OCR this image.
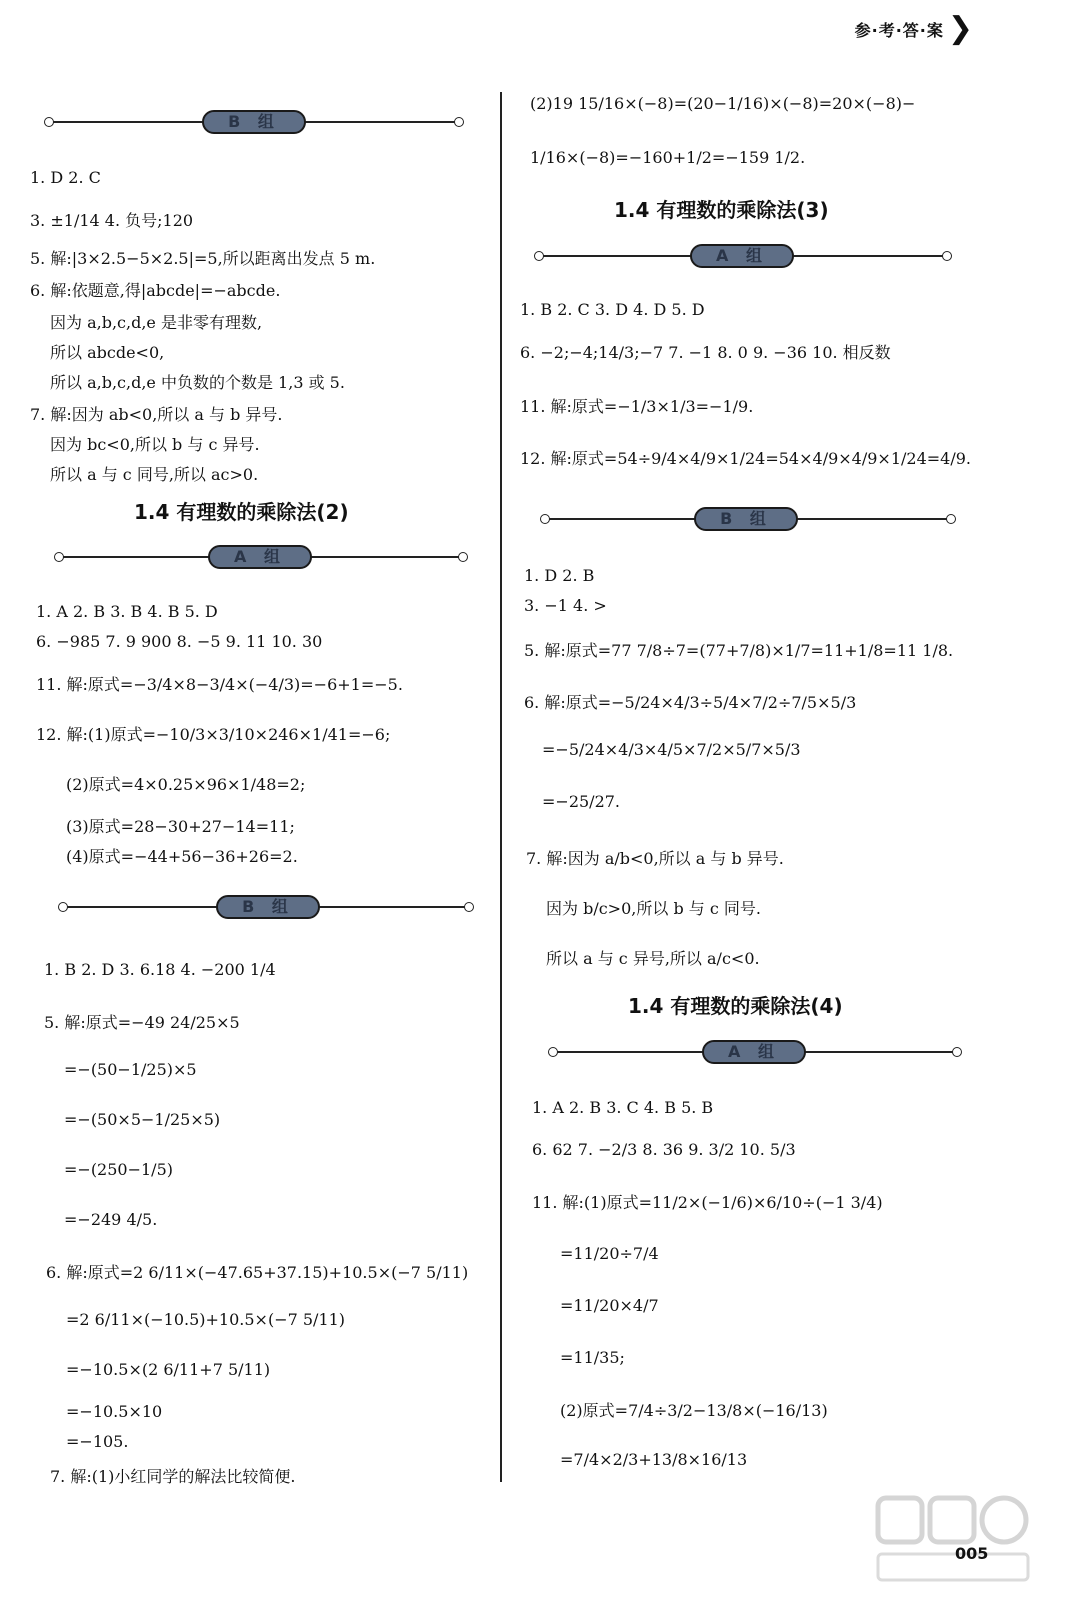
参·考·答·案 ❯
B 组
1. D 2. C
3. ±1/14 4. 负号;120
5. 解:|3×2.5−5×2.5|=5,所以距离出发点 5 m.
6. 解:依题意,得|abcde|=−abcde.
因为 a,b,c,d,e 是非零有理数,
所以 abcde<0,
所以 a,b,c,d,e 中负数的个数是 1,3 或 5.
7. 解:因为 ab<0,所以 a 与 b 异号.
因为 bc<0,所以 b 与 c 异号.
所以 a 与 c 同号,所以 ac>0.
1.4 有理数的乘除法(2)
A 组
1. A 2. B 3. B 4. B 5. D
6. −985 7. 9 900 8. −5 9. 11 10. 30
11. 解:原式=−3/4×8−3/4×(−4/3)=−6+1=−5.
12. 解:(1)原式=−10/3×3/10×246×1/41=−6;
(2)原式=4×0.25×96×1/48=2;
(3)原式=28−30+27−14=11;
(4)原式=−44+56−36+26=2.
B 组
1. B 2. D 3. 6.18 4. −200 1/4
5. 解:原式=−49 24/25×5
=−(50−1/25)×5
=−(50×5−1/25×5)
=−(250−1/5)
=−249 4/5.
6. 解:原式=2 6/11×(−47.65+37.15)+10.5×(−7 5/11)
=2 6/11×(−10.5)+10.5×(−7 5/11)
=−10.5×(2 6/11+7 5/11)
=−10.5×10
=−105.
7. 解:(1)小红同学的解法比较简便.
(2)19 15/16×(−8)=(20−1/16)×(−8)=20×(−8)−
1/16×(−8)=−160+1/2=−159 1/2.
1.4 有理数的乘除法(3)
A 组
1. B 2. C 3. D 4. D 5. D
6. −2;−4;14/3;−7 7. −1 8. 0 9. −36 10. 相反数
11. 解:原式=−1/3×1/3=−1/9.
12. 解:原式=54÷9/4×4/9×1/24=54×4/9×4/9×1/24=4/9.
B 组
1. D 2. B
3. −1 4. >
5. 解:原式=77 7/8÷7=(77+7/8)×1/7=11+1/8=11 1/8.
6. 解:原式=−5/24×4/3÷5/4×7/2÷7/5×5/3
=−5/24×4/3×4/5×7/2×5/7×5/3
=−25/27.
7. 解:因为 a/b<0,所以 a 与 b 异号.
因为 b/c>0,所以 b 与 c 同号.
所以 a 与 c 异号,所以 a/c<0.
1.4 有理数的乘除法(4)
A 组
1. A 2. B 3. C 4. B 5. B
6. 62 7. −2/3 8. 36 9. 3/2 10. 5/3
11. 解:(1)原式=11/2×(−1/6)×6/10÷(−1 3/4)
=11/20÷7/4
=11/20×4/7
=11/35;
(2)原式=7/4÷3/2−13/8×(−16/13)
=7/4×2/3+13/8×16/13
005
